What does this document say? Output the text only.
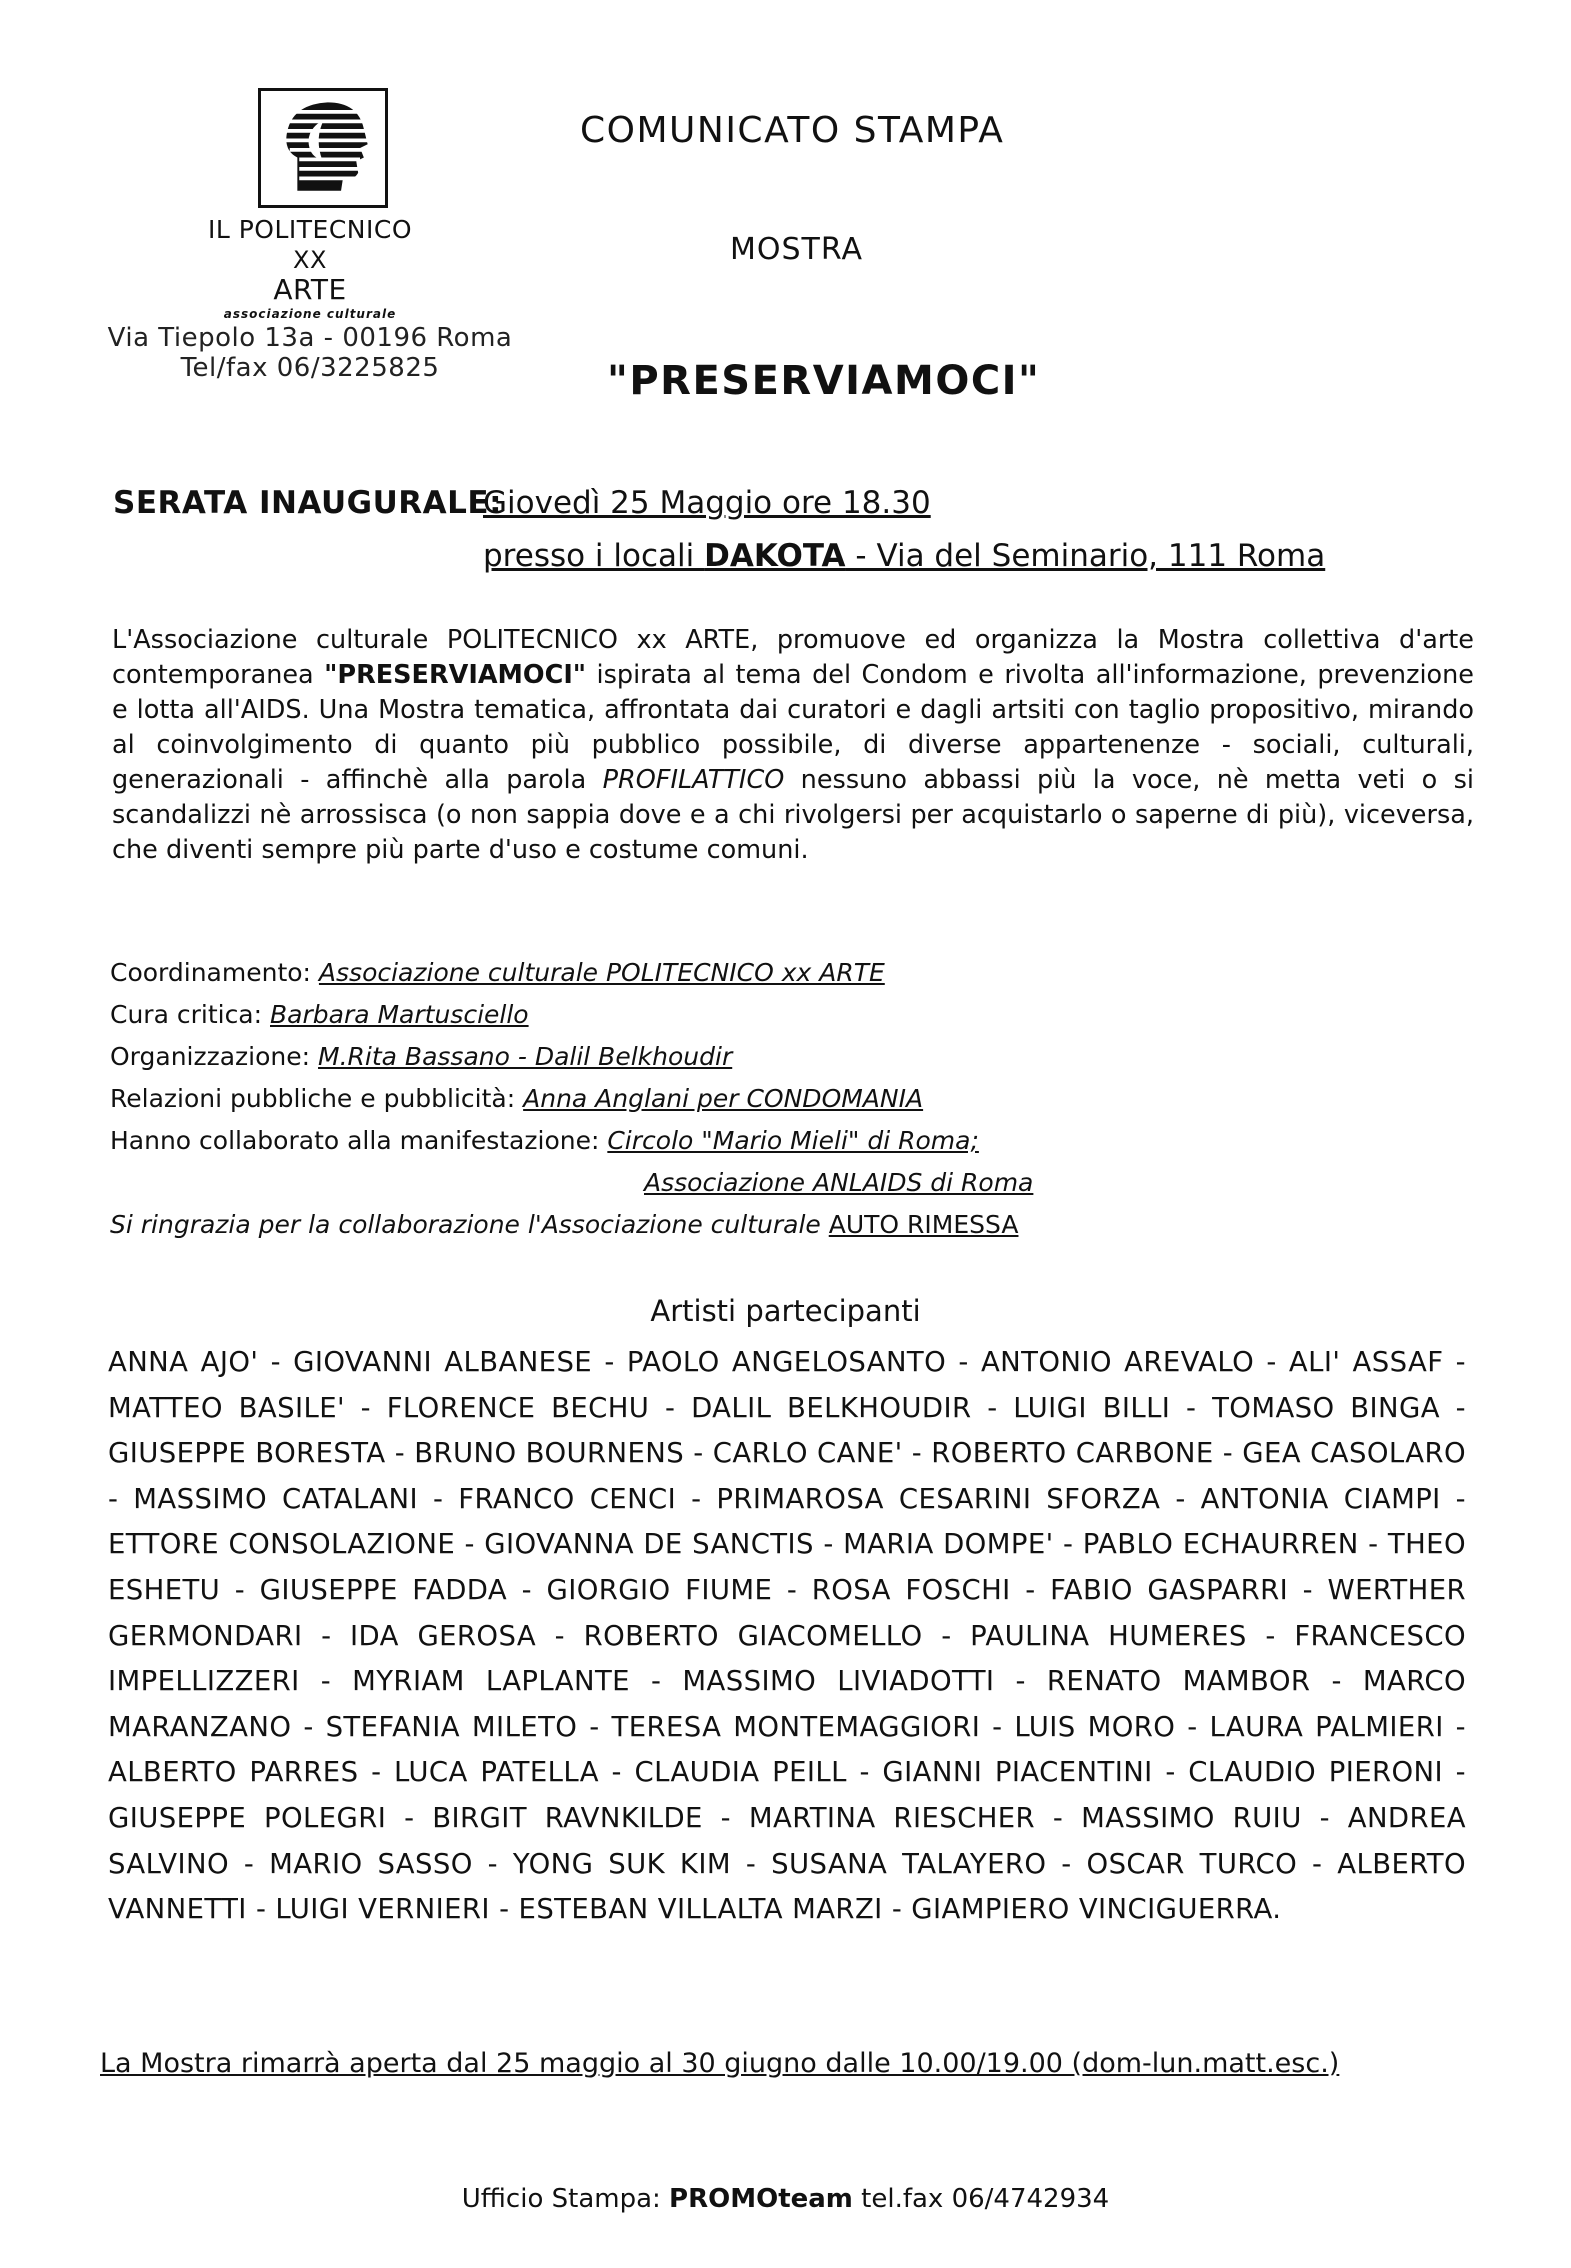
IL POLITECNICO
XX
ARTE
associazione culturale
Via Tiepolo 13a - 00196 Roma
Tel/fax 06/3225825
COMUNICATO STAMPA
MOSTRA
"PRESERVIAMOCI"
SERATA INAUGURALE:
Giovedì 25 Maggio ore 18.30
presso i locali DAKOTA - Via del Seminario, 111 Roma
L'Associazione culturale POLITECNICO xx ARTE, promuove ed organizza la Mostra collettiva d'arte contemporanea "PRESERVIAMOCI" ispirata al tema del Condom e rivolta all'informazione, prevenzione e lotta all'AIDS. Una Mostra tematica, affrontata dai curatori e dagli artsiti con taglio propositivo, mirando al coinvolgimento di quanto più pubblico possibile, di diverse appartenenze - sociali, culturali, generazionali - affinchè alla parola PROFILATTICO nessuno abbassi più la voce, nè metta veti o si scandalizzi nè arrossisca (o non sappia dove e a chi rivolgersi per acquistarlo o saperne di più), viceversa, che diventi sempre più parte d'uso e costume comuni.
Coordinamento: Associazione culturale POLITECNICO xx ARTE
Cura critica: Barbara Martusciello
Organizzazione: M.Rita Bassano - Dalil Belkhoudir
Relazioni pubbliche e pubblicità: Anna Anglani per CONDOMANIA
Hanno collaborato alla manifestazione: Circolo "Mario Mieli" di Roma;
Associazione ANLAIDS di Roma
Si ringrazia per la collaborazione l'Associazione culturale AUTO RIMESSA
Artisti partecipanti
ANNA AJO' - GIOVANNI ALBANESE - PAOLO ANGELOSANTO - ANTONIO AREVALO - ALI' ASSAF - MATTEO BASILE' - FLORENCE BECHU - DALIL BELKHOUDIR - LUIGI BILLI - TOMASO BINGA - GIUSEPPE BORESTA - BRUNO BOURNENS - CARLO CANE' - ROBERTO CARBONE - GEA CASOLARO - MASSIMO CATALANI - FRANCO CENCI - PRIMAROSA CESARINI SFORZA - ANTONIA CIAMPI - ETTORE CONSOLAZIONE - GIOVANNA DE SANCTIS - MARIA DOMPE' - PABLO ECHAURREN - THEO ESHETU - GIUSEPPE FADDA - GIORGIO FIUME - ROSA FOSCHI - FABIO GASPARRI - WERTHER GERMONDARI - IDA GEROSA - ROBERTO GIACOMELLO - PAULINA HUMERES - FRANCESCO IMPELLIZZERI - MYRIAM LAPLANTE - MASSIMO LIVIADOTTI - RENATO MAMBOR - MARCO MARANZANO - STEFANIA MILETO - TERESA MONTEMAGGIORI - LUIS MORO - LAURA PALMIERI - ALBERTO PARRES - LUCA PATELLA - CLAUDIA PEILL - GIANNI PIACENTINI - CLAUDIO PIERONI - GIUSEPPE POLEGRI - BIRGIT RAVNKILDE - MARTINA RIESCHER - MASSIMO RUIU - ANDREA SALVINO - MARIO SASSO - YONG SUK KIM - SUSANA TALAYERO - OSCAR TURCO - ALBERTO VANNETTI - LUIGI VERNIERI - ESTEBAN VILLALTA MARZI - GIAMPIERO VINCIGUERRA.
La Mostra rimarrà aperta dal 25 maggio al 30 giugno dalle 10.00/19.00 (dom-lun.matt.esc.)
Ufficio Stampa: PROMOteam tel.fax 06/4742934
